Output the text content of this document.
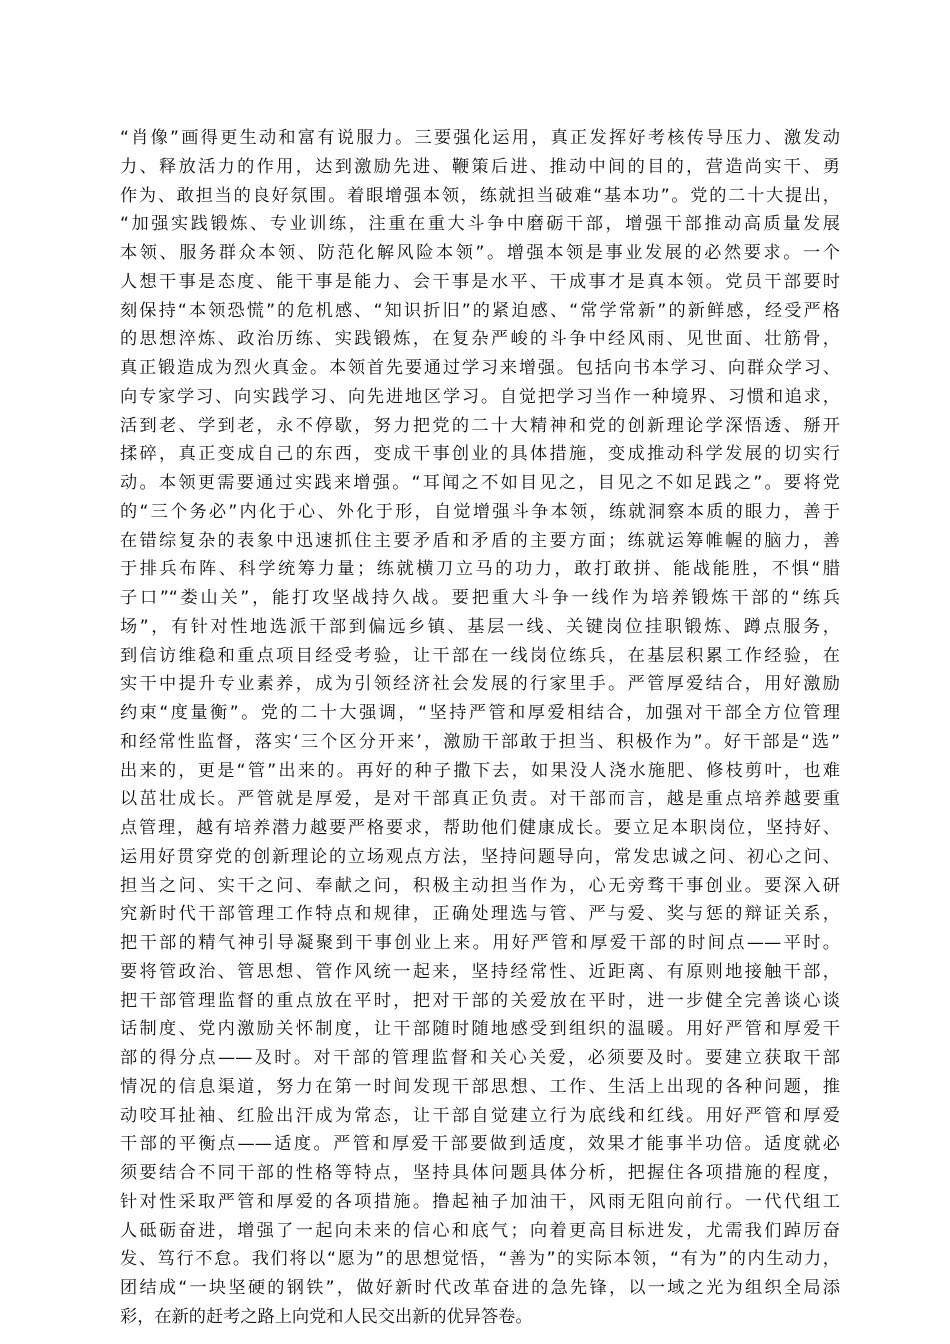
“肖像”画得更生动和富有说服力。三要强化运用，真正发挥好考核传导压力、激发动
力、释放活力的作用，达到激励先进、鞭策后进、推动中间的目的，营造尚实干、勇
作为、敢担当的良好氛围。着眼增强本领，练就担当破难“基本功”。党的二十大提出，
“加强实践锻炼、专业训练，注重在重大斗争中磨砺干部，增强干部推动高质量发展
本领、服务群众本领、防范化解风险本领”。增强本领是事业发展的必然要求。一个
人想干事是态度、能干事是能力、会干事是水平、干成事才是真本领。党员干部要时
刻保持“本领恐慌”的危机感、“知识折旧”的紧迫感、“常学常新”的新鲜感，经受严格
的思想淬炼、政治历练、实践锻炼，在复杂严峻的斗争中经风雨、见世面、壮筋骨，
真正锻造成为烈火真金。本领首先要通过学习来增强。包括向书本学习、向群众学习、
向专家学习、向实践学习、向先进地区学习。自觉把学习当作一种境界、习惯和追求，
活到老、学到老，永不停歇，努力把党的二十大精神和党的创新理论学深悟透、掰开
揉碎，真正变成自己的东西，变成干事创业的具体措施，变成推动科学发展的切实行
动。本领更需要通过实践来增强。“耳闻之不如目见之，目见之不如足践之”。要将党
的“三个务必”内化于心、外化于形，自觉增强斗争本领，练就洞察本质的眼力，善于
在错综复杂的表象中迅速抓住主要矛盾和矛盾的主要方面；练就运筹帷幄的脑力，善
于排兵布阵、科学统筹力量；练就横刀立马的功力，敢打敢拼、能战能胜，不惧“腊
子口”“娄山关”，能打攻坚战持久战。要把重大斗争一线作为培养锻炼干部的“练兵
场”，有针对性地选派干部到偏远乡镇、基层一线、关键岗位挂职锻炼、蹲点服务，
到信访维稳和重点项目经受考验，让干部在一线岗位练兵，在基层积累工作经验，在
实干中提升专业素养，成为引领经济社会发展的行家里手。严管厚爱结合，用好激励
约束“度量衡”。党的二十大强调，“坚持严管和厚爱相结合，加强对干部全方位管理
和经常性监督，落实‘三个区分开来’，激励干部敢于担当、积极作为”。好干部是“选”
出来的，更是“管”出来的。再好的种子撒下去，如果没人浇水施肥、修枝剪叶，也难
以茁壮成长。严管就是厚爱，是对干部真正负责。对干部而言，越是重点培养越要重
点管理，越有培养潜力越要严格要求，帮助他们健康成长。要立足本职岗位，坚持好、
运用好贯穿党的创新理论的立场观点方法，坚持问题导向，常发忠诚之问、初心之问、
担当之问、实干之问、奉献之问，积极主动担当作为，心无旁骛干事创业。要深入研
究新时代干部管理工作特点和规律，正确处理选与管、严与爱、奖与惩的辩证关系，
把干部的精气神引导凝聚到干事创业上来。用好严管和厚爱干部的时间点——平时。
要将管政治、管思想、管作风统一起来，坚持经常性、近距离、有原则地接触干部，
把干部管理监督的重点放在平时，把对干部的关爱放在平时，进一步健全完善谈心谈
话制度、党内激励关怀制度，让干部随时随地感受到组织的温暖。用好严管和厚爱干
部的得分点——及时。对干部的管理监督和关心关爱，必须要及时。要建立获取干部
情况的信息渠道，努力在第一时间发现干部思想、工作、生活上出现的各种问题，推
动咬耳扯袖、红脸出汗成为常态，让干部自觉建立行为底线和红线。用好严管和厚爱
干部的平衡点——适度。严管和厚爱干部要做到适度，效果才能事半功倍。适度就必
须要结合不同干部的性格等特点，坚持具体问题具体分析，把握住各项措施的程度，
针对性采取严管和厚爱的各项措施。撸起袖子加油干，风雨无阻向前行。一代代组工
人砥砺奋进，增强了一起向未来的信心和底气；向着更高目标进发，尤需我们踔厉奋
发、笃行不怠。我们将以“愿为”的思想觉悟，“善为”的实际本领，“有为”的内生动力，
团结成“一块坚硬的钢铁”，做好新时代改革奋进的急先锋，以一域之光为组织全局添
彩，在新的赶考之路上向党和人民交出新的优异答卷。
